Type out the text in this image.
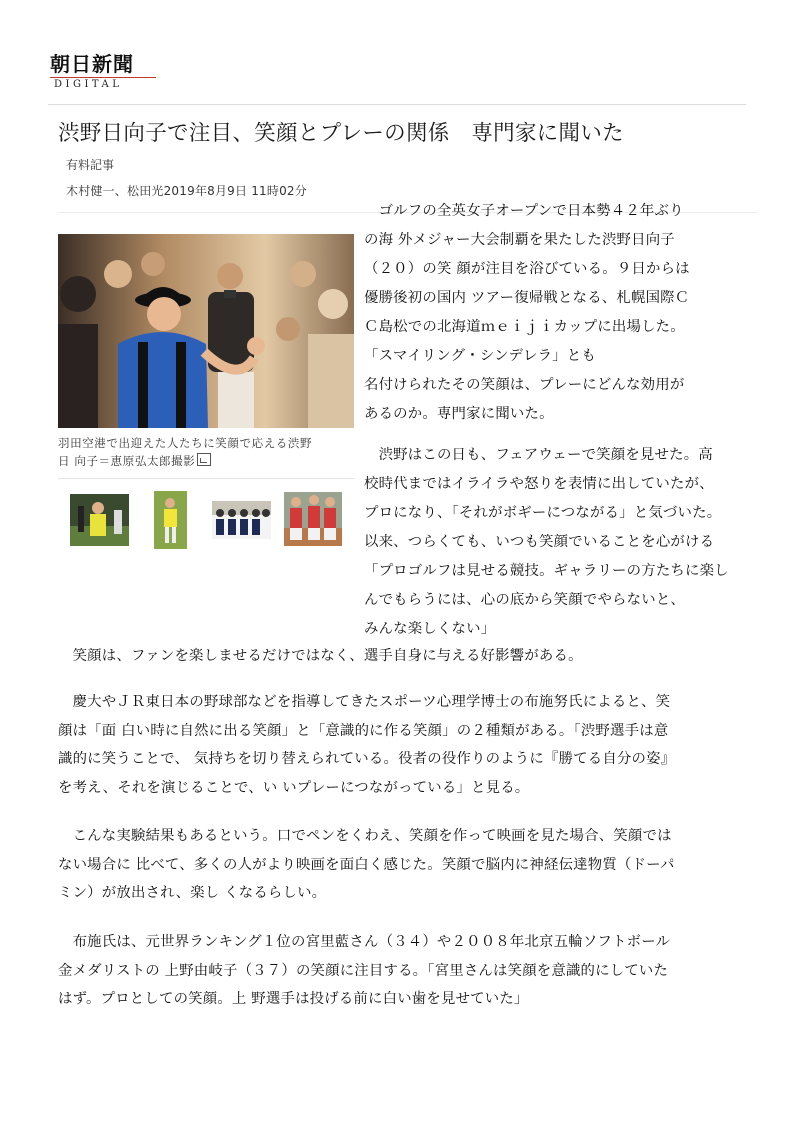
朝日新聞
DIGITAL
渋野日向子で注目、笑顔とプレーの関係　専門家に聞いた
有料記事
木村健一、松田光2019年8月9日 11時02分
羽田空港で出迎えた人たちに笑顔で応える渋野
日 向子＝恵原弘太郎撮影

　ゴルフの全英女子オープンで日本勢４２年ぶり

の海 外メジャー大会制覇を果たした渋野日向子

（２０）の笑 顔が注目を浴びている。９日からは

優勝後初の国内 ツアー復帰戦となる、札幌国際Ｃ

Ｃ島松での北海道ｍｅｉｊｉカップに出場した。

「スマイリング・シンデレラ」とも

名付けられたその笑顔は、プレーにどんな効用が

あるのか。専門家に聞いた。

　渋野はこの日も、フェアウェーで笑顔を見せた。高

校時代まではイライラや怒りを表情に出していたが、

プロになり、「それがボギーにつながる」と気づいた。

以来、つらくても、いつも笑顔でいることを心がける

「プロゴルフは見せる競技。ギャラリーの方たちに楽し

んでもらうには、心の底から笑顔でやらないと、

みんな楽しくない」

　笑顔は、ファンを楽しませるだけではなく、選手自身に与える好影響がある。

　慶大やＪＲ東日本の野球部などを指導してきたスポーツ心理学博士の布施努氏によると、笑

顔は「面 白い時に自然に出る笑顔」と「意識的に作る笑顔」の２種類がある。「渋野選手は意

識的に笑うことで、 気持ちを切り替えられている。役者の役作りのように『勝てる自分の姿』

を考え、それを演じることで、い いプレーにつながっている」と見る。

　こんな実験結果もあるという。口でペンをくわえ、笑顔を作って映画を見た場合、笑顔では

ない場合に 比べて、多くの人がより映画を面白く感じた。笑顔で脳内に神経伝達物質（ドーパ

ミン）が放出され、楽し くなるらしい。

　布施氏は、元世界ランキング１位の宮里藍さん（３４）や２００８年北京五輪ソフトボール

金メダリストの 上野由岐子（３７）の笑顔に注目する。「宮里さんは笑顔を意識的にしていた

はず。プロとしての笑顔。上 野選手は投げる前に白い歯を見せていた」
